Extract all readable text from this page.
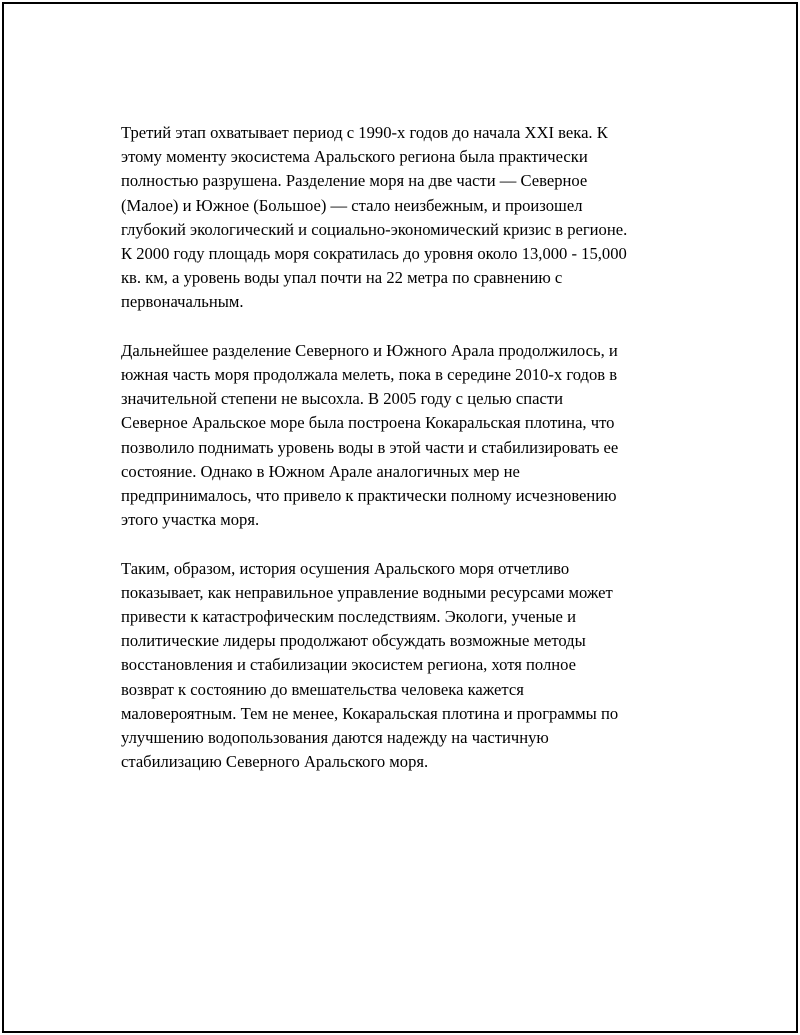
Третий этап охватывает период с 1990-х годов до начала XXI века. К
этому моменту экосистема Аральского региона была практически
полностью разрушена. Разделение моря на две части — Северное
(Малое) и Южное (Большое) — стало неизбежным, и произошел
глубокий экологический и социально-экономический кризис в регионе.
К 2000 году площадь моря сократилась до уровня около 13,000 - 15,000
кв. км, а уровень воды упал почти на 22 метра по сравнению с
первоначальным.

Дальнейшее разделение Северного и Южного Арала продолжилось, и
южная часть моря продолжала мелеть, пока в середине 2010-х годов в
значительной степени не высохла. В 2005 году с целью спасти
Северное Аральское море была построена Кокаральская плотина, что
позволило поднимать уровень воды в этой части и стабилизировать ее
состояние. Однако в Южном Арале аналогичных мер не
предпринималось, что привело к практически полному исчезновению
этого участка моря.

Таким, образом, история осушения Аральского моря отчетливо
показывает, как неправильное управление водными ресурсами может
привести к катастрофическим последствиям. Экологи, ученые и
политические лидеры продолжают обсуждать возможные методы
восстановления и стабилизации экосистем региона, хотя полное
возврат к состоянию до вмешательства человека кажется
маловероятным. Тем не менее, Кокаральская плотина и программы по
улучшению водопользования даются надежду на частичную
стабилизацию Северного Аральского моря.
